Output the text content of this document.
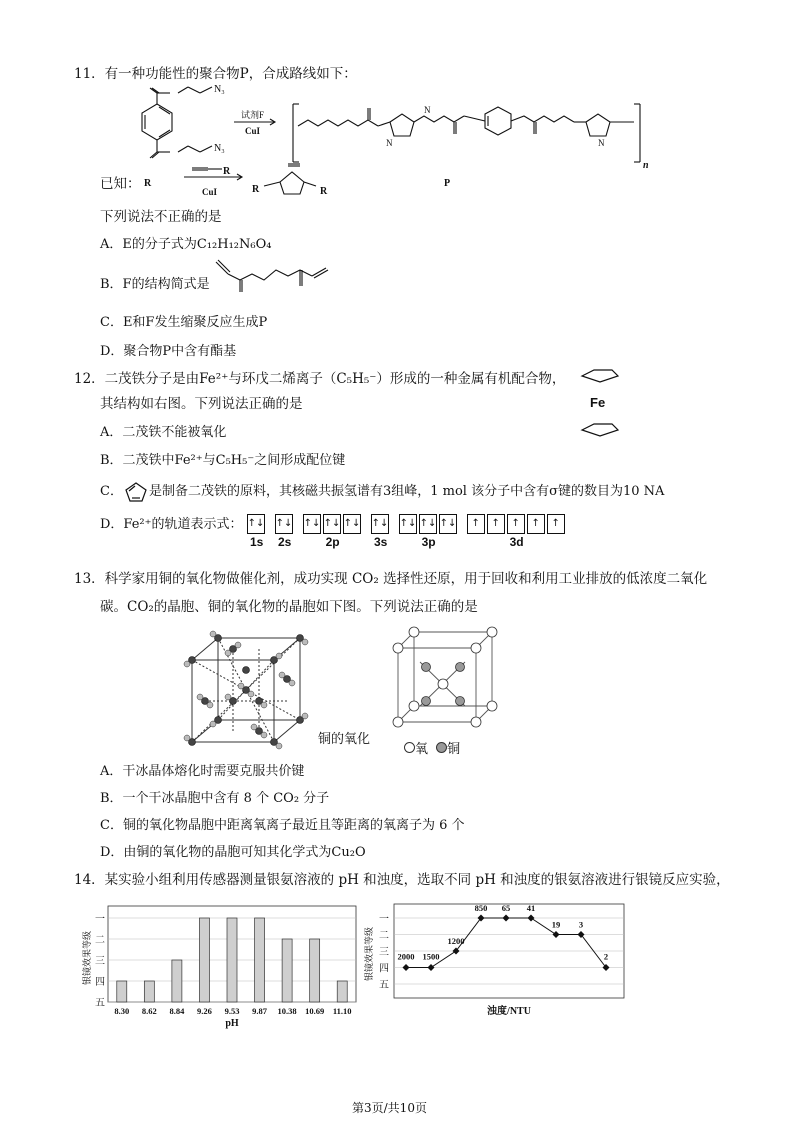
11．有一种功能性的聚合物P，合成路线如下：
N₃
N₃
试剂F
CuI
N
N
N
n
P
R
R
CuI	R	R
已知：
下列说法不正确的是
A．E的分子式为C₁₂H₁₂N₆O₄
B．F的结构简式是
C．E和F发生缩聚反应生成P
D．聚合物P中含有酯基
12．二茂铁分子是由Fe²⁺与环戊二烯离子（C₅H₅⁻）形成的一种金属有机配合物，
其结构如右图。下列说法正确的是	Fe
A．二茂铁不能被氧化
B．二茂铁中Fe²⁺与C₅H₅⁻之间形成配位键
C． 是制备二茂铁的原料，其核磁共振氢谱有3组峰，1 mol 该分子中含有σ键的数目为10 NA
D．Fe²⁺的轨道表示式： ↑↓
1s
↑↓
2s
↑↓ ↑↓ ↑↓
2p
↑↓
3s
↑↓ ↑↓ ↑↓
3p
↑ ↑ ↑ ↑ ↑
3d
13．科学家用铜的氧化物做催化剂，成功实现 CO₂ 选择性还原，用于回收和利用工业排放的低浓度二氧化
碳。CO₂的晶胞、铜的氧化物的晶胞如下图。下列说法正确的是
铜的氧化
氧 铜
A．干冰晶体熔化时需要克服共价键
B．一个干冰晶胞中含有 8 个 CO₂ 分子
C．铜的氧化物晶胞中距离氧离子最近且等距离的氧离子为 6 个
D．由铜的氧化物的晶胞可知其化学式为Cu₂O
14．某实验小组利用传感器测量银氨溶液的 pH 和浊度，选取不同 pH 和浊度的银氨溶液进行银镜反应实验，
一
二
三
四
五
银镜效果等级
8.30 8.62 8.84 9.26 9.53 9.87 10.38 10.69 11.10
pH
一
二
三
四
五
银镜效果等级	2000 1500
1200
850 65 41
19 3
2
浊度/NTU
第3页/共10页
